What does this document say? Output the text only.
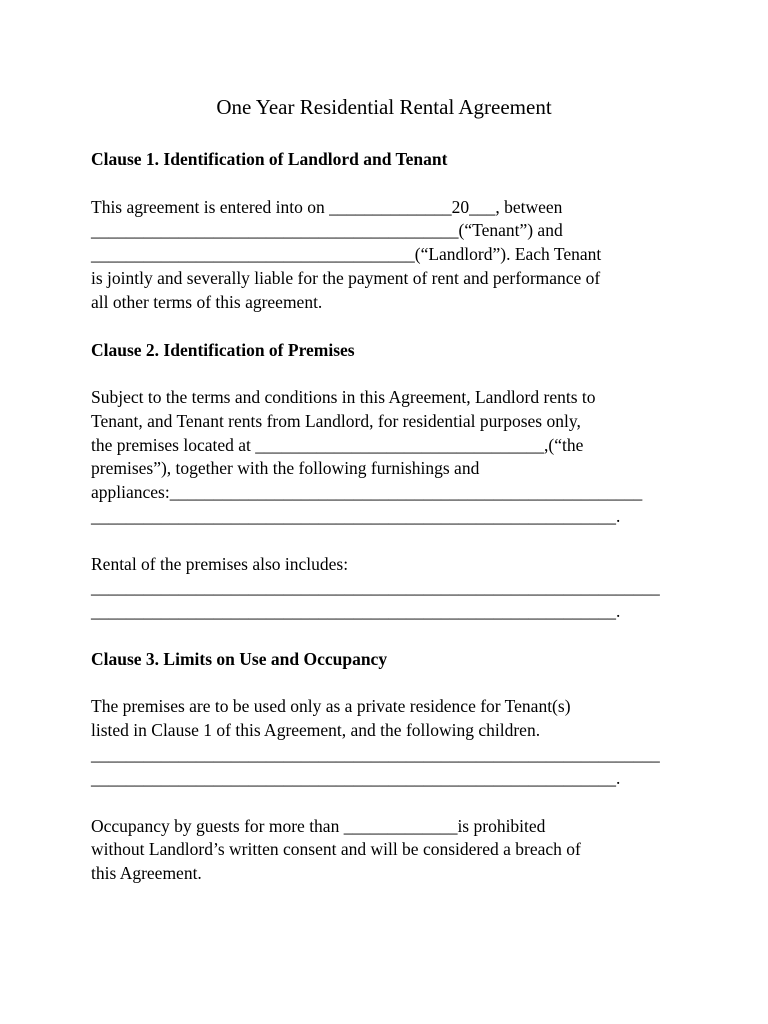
One Year Residential Rental Agreement
Clause 1. Identification of Landlord and Tenant
This agreement is entered into on ______________20___, between
__________________________________________(“Tenant”) and
_____________________________________(“Landlord”). Each Tenant
is jointly and severally liable for the payment of rent and performance of
all other terms of this agreement.
Clause 2. Identification of Premises
Subject to the terms and conditions in this Agreement, Landlord rents to
Tenant, and Tenant rents from Landlord, for residential purposes only,
the premises located at _________________________________,(“the
premises”), together with the following furnishings and
appliances:______________________________________________________
____________________________________________________________.
Rental of the premises also includes:
_________________________________________________________________
____________________________________________________________.
Clause 3. Limits on Use and Occupancy
The premises are to be used only as a private residence for Tenant(s)
listed in Clause 1 of this Agreement, and the following children.
_________________________________________________________________
____________________________________________________________.
Occupancy by guests for more than _____________is prohibited
without Landlord’s written consent and will be considered a breach of
this Agreement.
